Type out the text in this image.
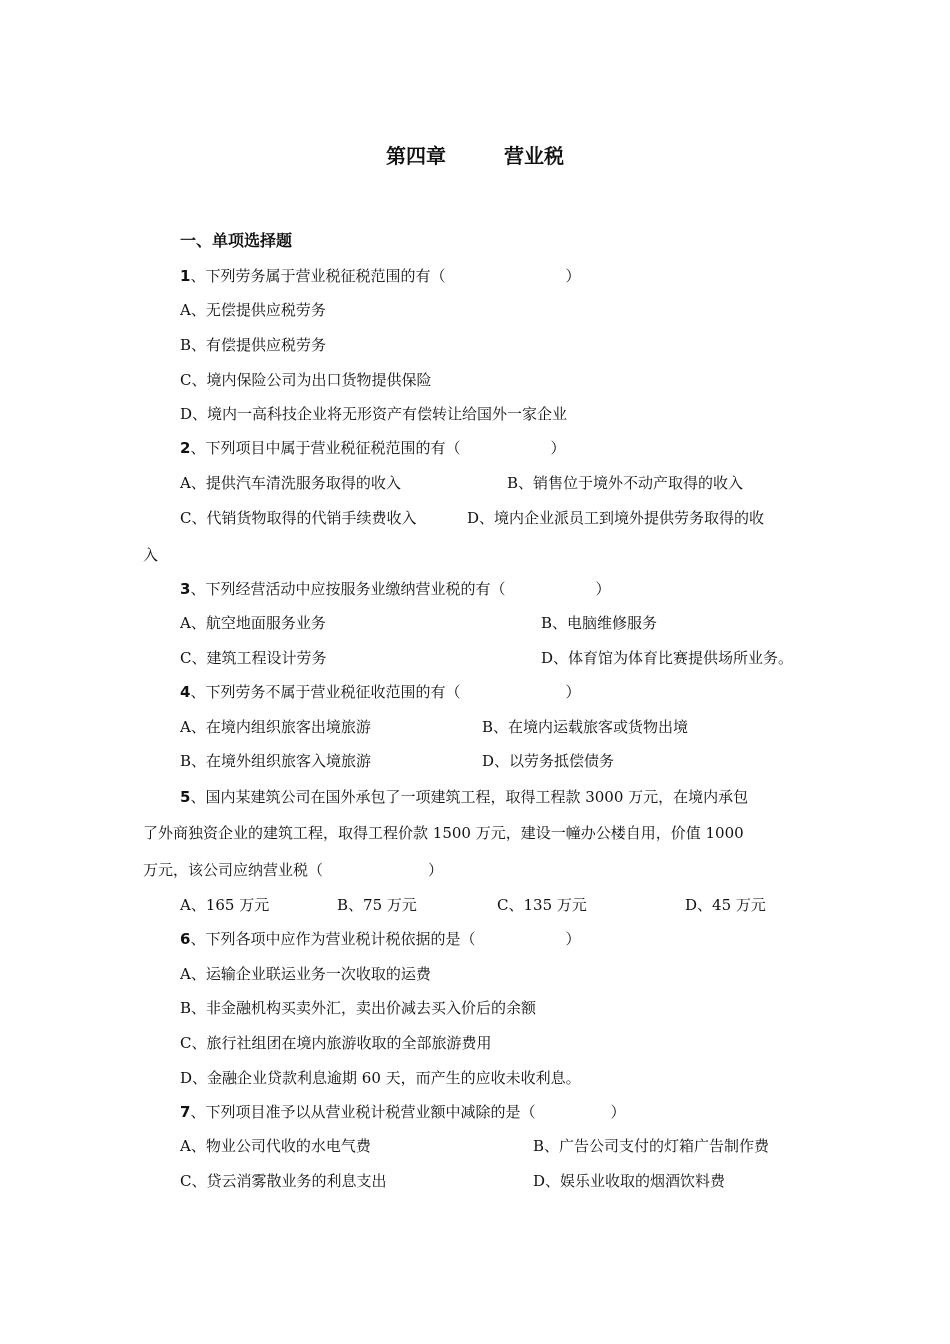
第四章	营业税
一、单项选择题
1、下列劳务属于营业税征税范围的有（　　　　　　　　）
A、无偿提供应税劳务
B、有偿提供应税劳务
C、境内保险公司为出口货物提供保险
D、境内一高科技企业将无形资产有偿转让给国外一家企业
2、下列项目中属于营业税征税范围的有（　　　　　　）
A、提供汽车清洗服务取得的收入	B、销售位于境外不动产取得的收入
C、代销货物取得的代销手续费收入	D、境内企业派员工到境外提供劳务取得的收
入
3、下列经营活动中应按服务业缴纳营业税的有（　　　　　　）
A、航空地面服务业务	B、电脑维修服务
C、建筑工程设计劳务	D、体育馆为体育比赛提供场所业务。
4、下列劳务不属于营业税征收范围的有（　　　　　　　）
A、在境内组织旅客出境旅游	B、在境内运载旅客或货物出境
B、在境外组织旅客入境旅游	D、以劳务抵偿债务
5、国内某建筑公司在国外承包了一项建筑工程，取得工程款 3000 万元，在境内承包
了外商独资企业的建筑工程，取得工程价款 1500 万元，建设一幢办公楼自用，价值 1000
万元，该公司应纳营业税（　　　　　　　）
A、165 万元	B、75 万元	C、135 万元	D、45 万元
6、下列各项中应作为营业税计税依据的是（　　　　　　）
A、运输企业联运业务一次收取的运费
B、非金融机构买卖外汇，卖出价减去买入价后的余额
C、旅行社组团在境内旅游收取的全部旅游费用
D、金融企业贷款利息逾期 60 天，而产生的应收未收利息。
7、下列项目准予以从营业税计税营业额中减除的是（　　　　　）
A、物业公司代收的水电气费	B、广告公司支付的灯箱广告制作费
C、贷云消雾散业务的利息支出	D、娱乐业收取的烟酒饮料费
